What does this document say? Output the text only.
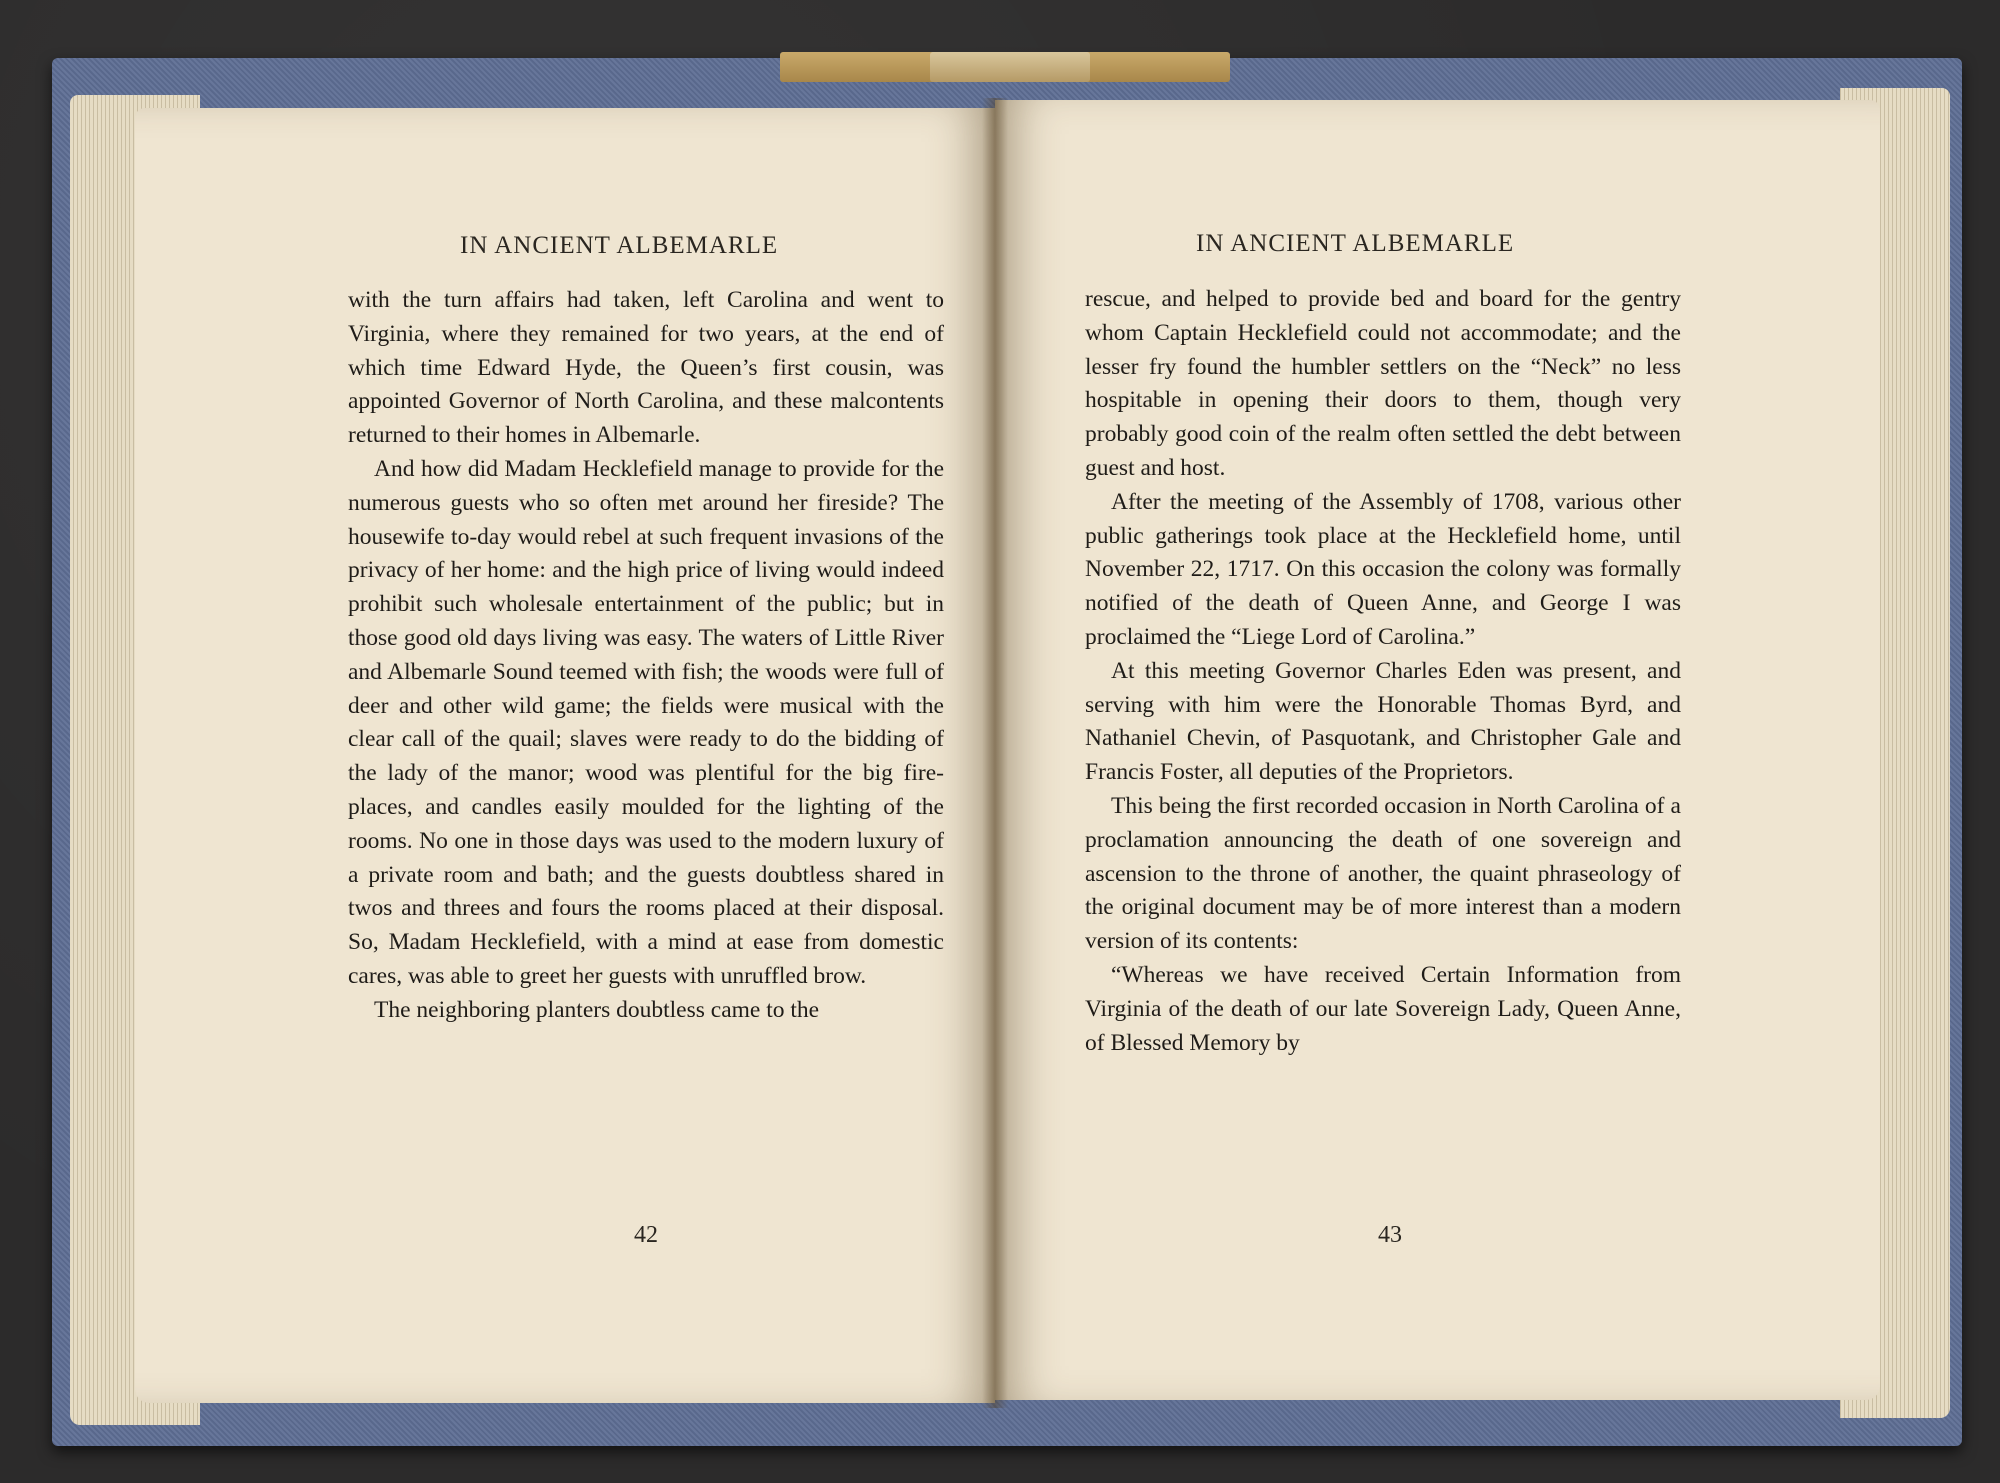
IN ANCIENT ALBEMARLE

with the turn affairs had taken, left Carolina and went to Virginia, where they remained for two years, at the end of which time Edward Hyde, the Queen’s first cousin, was appointed Governor of North Carolina, and these malcontents returned to their homes in Albemarle.

And how did Madam Hecklefield manage to provide for the numerous guests who so often met around her fireside? The housewife to-day would rebel at such frequent invasions of the privacy of her home: and the high price of living would indeed prohibit such wholesale entertainment of the public; but in those good old days living was easy. The waters of Little River and Albemarle Sound teemed with fish; the woods were full of deer and other wild game; the fields were musical with the clear call of the quail; slaves were ready to do the bidding of the lady of the manor; wood was plentiful for the big fire-places, and candles easily moulded for the lighting of the rooms. No one in those days was used to the modern luxury of a private room and bath; and the guests doubtless shared in twos and threes and fours the rooms placed at their disposal. So, Madam Hecklefield, with a mind at ease from domestic cares, was able to greet her guests with unruffled brow.

The neighboring planters doubtless came to the

42
IN ANCIENT ALBEMARLE

rescue, and helped to provide bed and board for the gentry whom Captain Hecklefield could not accommodate; and the lesser fry found the humbler settlers on the “Neck” no less hospitable in opening their doors to them, though very probably good coin of the realm often settled the debt between guest and host.

After the meeting of the Assembly of 1708, various other public gatherings took place at the Hecklefield home, until November 22, 1717. On this occasion the colony was formally notified of the death of Queen Anne, and George I was proclaimed the “Liege Lord of Carolina.”

At this meeting Governor Charles Eden was present, and serving with him were the Honorable Thomas Byrd, and Nathaniel Chevin, of Pasquotank, and Christopher Gale and Francis Foster, all deputies of the Proprietors.

This being the first recorded occasion in North Carolina of a proclamation announcing the death of one sovereign and ascension to the throne of another, the quaint phraseology of the original document may be of more interest than a modern version of its contents:

“Whereas we have received Certain Information from Virginia of the death of our late Sovereign Lady, Queen Anne, of Blessed Memory by

43
